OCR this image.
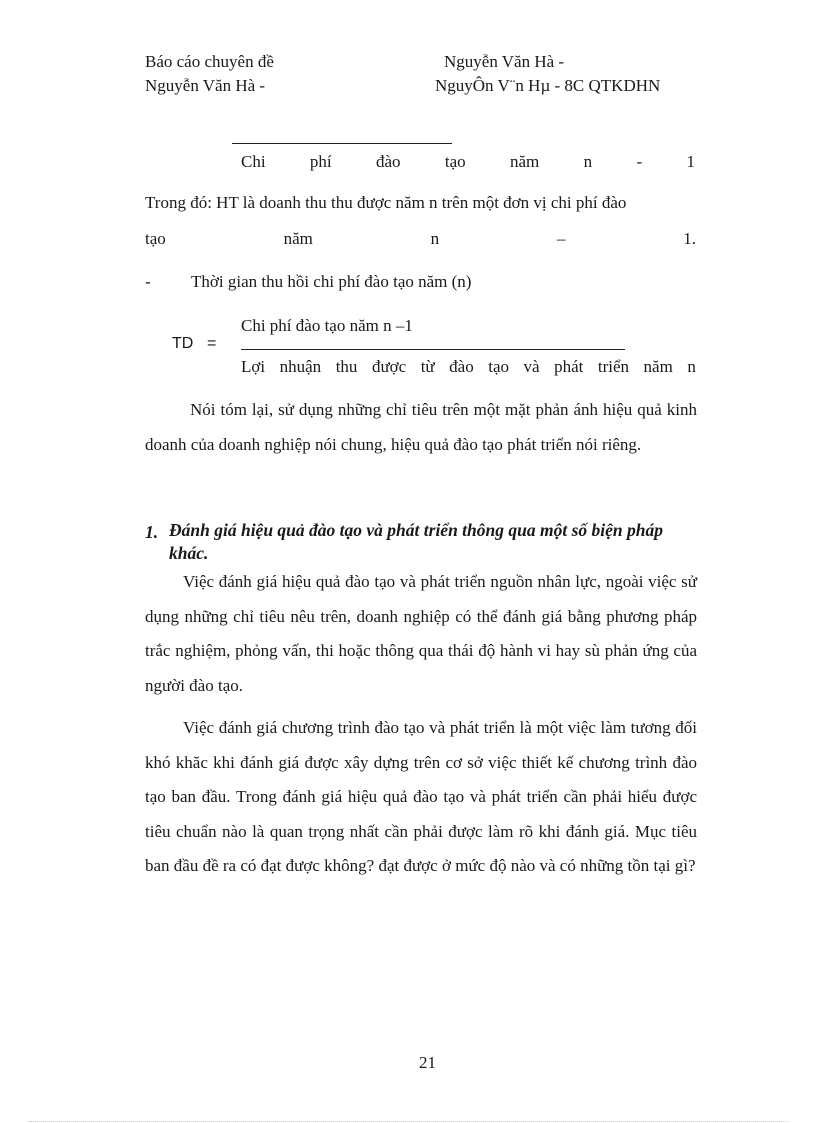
Báo cáo chuyên đề	Nguyễn Văn Hà -
Nguyễn Văn Hà -	NguyÔn V¨n Hµ - 8C QTKDHN
Chi	phí	đào	tạo	năm	n	-	1
Trong đó: HT là doanh thu thu được năm n trên một đơn vị chi phí đào
tạo	năm	n	–	1.
- Thời gian thu hồi chi phí đào tạo năm (n)
Chi phí đào tạo năm n –1
TD =
Lợi nhuận thu được từ đào tạo và phát triển năm n
Nói tóm lại, sử dụng những chỉ tiêu trên một mặt phản ánh hiệu quả kinh doanh của doanh nghiệp nói chung, hiệu quả đào tạo phát triển nói riêng.
1. Đánh giá hiệu quả đào tạo và phát triển thông qua một số biện pháp khác.
Việc đánh giá hiệu quả đào tạo và phát triển nguồn nhân lực, ngoài việc sử dụng những chỉ tiêu nêu trên, doanh nghiệp có thể đánh giá bằng phương pháp trắc nghiệm, phỏng vấn, thi hoặc thông qua thái độ hành vi hay sù phản ứng của người đào tạo.
Việc đánh giá chương trình đào tạo và phát triển là một việc làm tương đối khó khăc khi đánh giá được xây dựng trên cơ sở việc thiết kế chương trình đào tạo ban đầu. Trong đánh giá hiệu quả đào tạo và phát triển cần phải hiểu được tiêu chuẩn nào là quan trọng nhất cần phải được làm rõ khi đánh giá. Mục tiêu ban đầu đề ra có đạt được không? đạt được ở mức độ nào và có những tồn tại gì?
21
